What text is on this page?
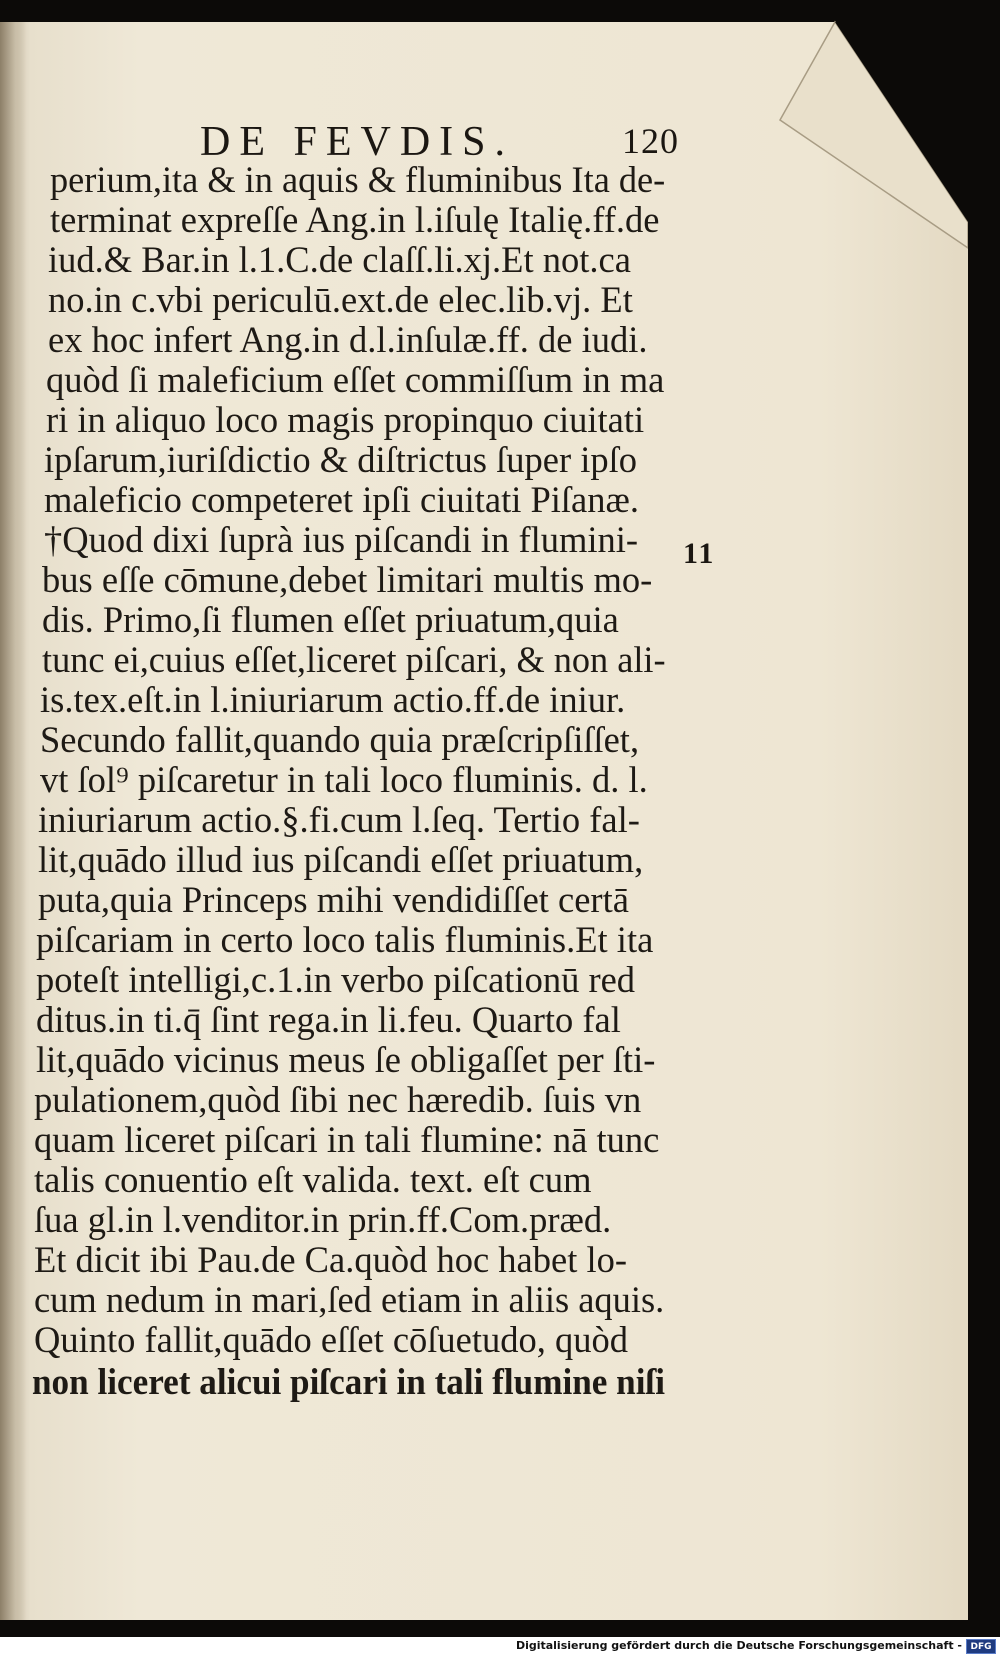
DE FEVDIS.	120
perium,ita & in aquis & fluminibus Ita de-
terminat expreſſe Ang.in l.iſulę Italię.ff.de
iud.& Bar.in l.1.C.de claſſ.li.xj.Et not.ca
no.in c.vbi periculū.ext.de elec.lib.vj. Et
ex hoc infert Ang.in d.l.inſulæ.ff. de iudi.
quòd ſi maleficium eſſet commiſſum in ma
ri in aliquo loco magis propinquo ciuitati
ipſarum,iuriſdictio & diſtrictus ſuper ipſo
maleficio competeret ipſi ciuitati Piſanæ.
†Quod dixi ſuprà ius piſcandi in flumini-
bus eſſe cōmune,debet limitari multis mo-
dis. Primo,ſi flumen eſſet priuatum,quia
tunc ei,cuius eſſet,liceret piſcari, & non ali-
is.tex.eſt.in l.iniuriarum actio.ff.de iniur.
Secundo fallit,quando quia præſcripſiſſet,
vt ſol⁹ piſcaretur in tali loco fluminis. d. l.
iniuriarum actio.§.fi.cum l.ſeq. Tertio fal-
lit,quādo illud ius piſcandi eſſet priuatum,
puta,quia Princeps mihi vendidiſſet certā
piſcariam in certo loco talis fluminis.Et ita
poteſt intelligi,c.1.in verbo piſcationū red
ditus.in ti.q̄ ſint rega.in li.feu. Quarto fal
lit,quādo vicinus meus ſe obligaſſet per ſti-
pulationem,quòd ſibi nec hæredib. ſuis vn
quam liceret piſcari in tali flumine: nā tunc
talis conuentio eſt valida. text. eſt cum
ſua gl.in l.venditor.in prin.ff.Com.præd.
Et dicit ibi Pau.de Ca.quòd hoc habet lo-
cum nedum in mari,ſed etiam in aliis aquis.
Quinto fallit,quādo eſſet cōſuetudo, quòd
non liceret alicui piſcari in tali flumine niſi
11
Digitalisierung gefördert durch die Deutsche Forschungsgemeinschaft - DFG
